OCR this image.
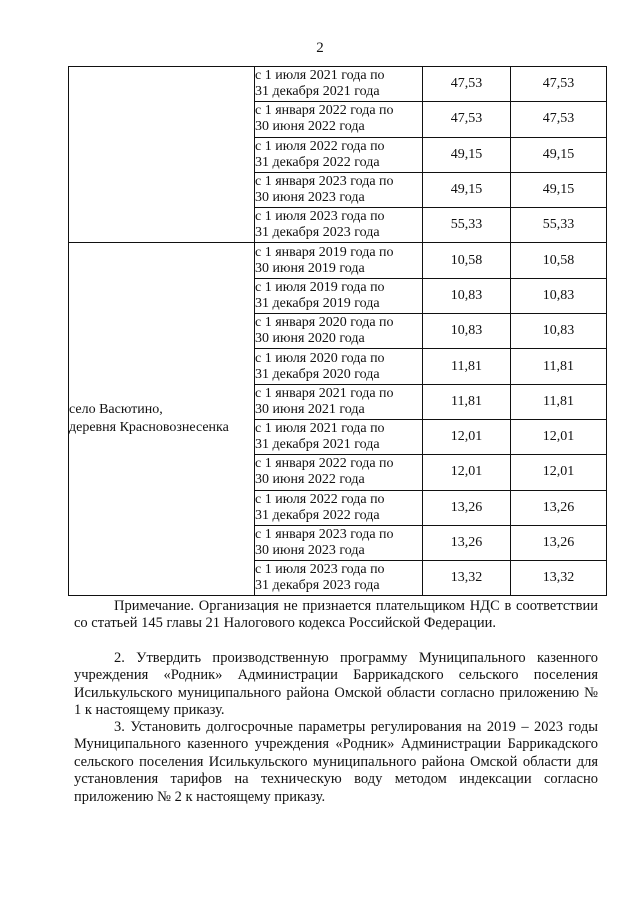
2

	с 1 июля 2021 года по
31 декабря 2021 года	47,53	47,53

	с 1 января 2022 года по
30 июня 2022 года	47,53	47,53

	с 1 июля 2022 года по
31 декабря 2022 года	49,15	49,15

	с 1 января 2023 года по
30 июня 2023 года	49,15	49,15

	с 1 июля 2023 года по
31 декабря 2023 года	55,33	55,33

село Васютино,
деревня Красновознесенка	с 1 января 2019 года по
30 июня 2019 года	10,58	10,58

	с 1 июля 2019 года по
31 декабря 2019 года	10,83	10,83

	с 1 января 2020 года по
30 июня 2020 года	10,83	10,83

	с 1 июля 2020 года по
31 декабря 2020 года	11,81	11,81

	с 1 января 2021 года по
30 июня 2021 года	11,81	11,81

	с 1 июля 2021 года по
31 декабря 2021 года	12,01	12,01

	с 1 января 2022 года по
30 июня 2022 года	12,01	12,01

	с 1 июля 2022 года по
31 декабря 2022 года	13,26	13,26

	с 1 января 2023 года по
30 июня 2023 года	13,26	13,26

	с 1 июля 2023 года по
31 декабря 2023 года	13,32	13,32

Примечание. Организация не признается плательщиком НДС в соответствии со статьей 145 главы 21 Налогового кодекса Российской Федерации.

2. Утвердить производственную программу Муниципального казенного учреждения «Родник» Администрации Баррикадского сельского поселения Исилькульского муниципального района Омской области согласно приложению № 1 к настоящему приказу.

3. Установить долгосрочные параметры регулирования на 2019 – 2023 годы Муниципального казенного учреждения «Родник» Администрации Баррикадского сельского поселения Исилькульского муниципального района Омской области для установления тарифов на техническую воду методом индексации согласно приложению № 2 к настоящему приказу.
